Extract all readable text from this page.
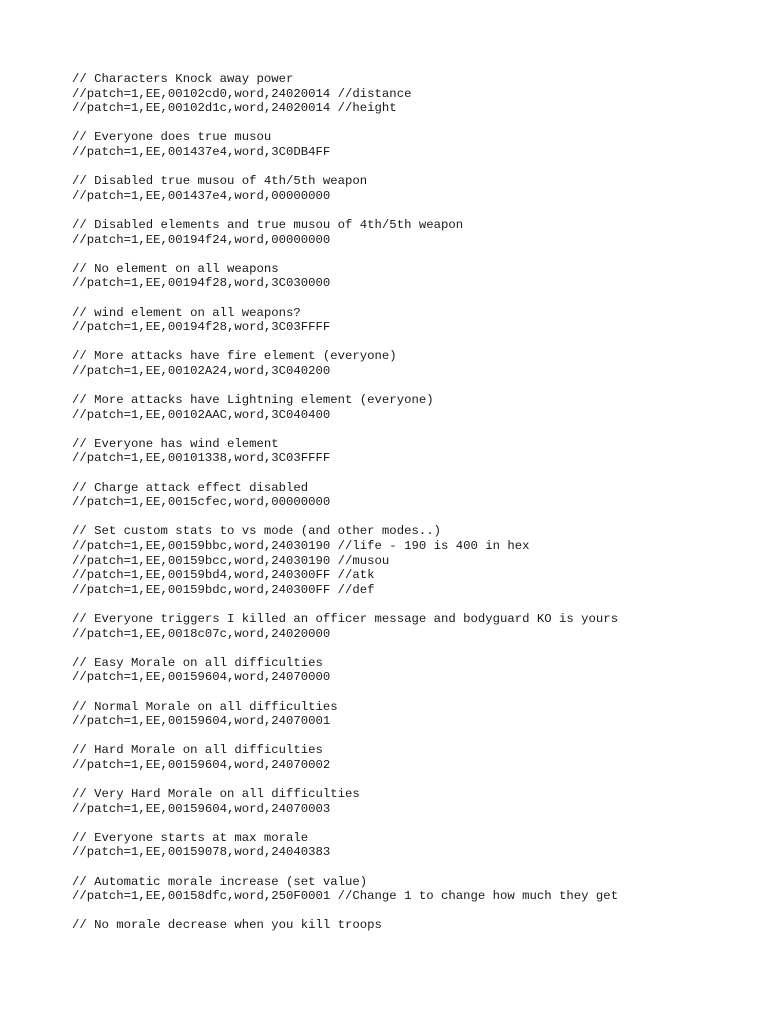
// Characters Knock away power
//patch=1,EE,00102cd0,word,24020014 //distance
//patch=1,EE,00102d1c,word,24020014 //height
// Everyone does true musou
//patch=1,EE,001437e4,word,3C0DB4FF
// Disabled true musou of 4th/5th weapon
//patch=1,EE,001437e4,word,00000000
// Disabled elements and true musou of 4th/5th weapon
//patch=1,EE,00194f24,word,00000000
// No element on all weapons
//patch=1,EE,00194f28,word,3C030000
// wind element on all weapons?
//patch=1,EE,00194f28,word,3C03FFFF
// More attacks have fire element (everyone)
//patch=1,EE,00102A24,word,3C040200
// More attacks have Lightning element (everyone)
//patch=1,EE,00102AAC,word,3C040400
// Everyone has wind element
//patch=1,EE,00101338,word,3C03FFFF
// Charge attack effect disabled
//patch=1,EE,0015cfec,word,00000000
// Set custom stats to vs mode (and other modes..)
//patch=1,EE,00159bbc,word,24030190 //life - 190 is 400 in hex
//patch=1,EE,00159bcc,word,24030190 //musou
//patch=1,EE,00159bd4,word,240300FF //atk
//patch=1,EE,00159bdc,word,240300FF //def
// Everyone triggers I killed an officer message and bodyguard KO is yours
//patch=1,EE,0018c07c,word,24020000
// Easy Morale on all difficulties
//patch=1,EE,00159604,word,24070000
// Normal Morale on all difficulties
//patch=1,EE,00159604,word,24070001
// Hard Morale on all difficulties
//patch=1,EE,00159604,word,24070002
// Very Hard Morale on all difficulties
//patch=1,EE,00159604,word,24070003
// Everyone starts at max morale
//patch=1,EE,00159078,word,24040383
// Automatic morale increase (set value)
//patch=1,EE,00158dfc,word,250F0001 //Change 1 to change how much they get
// No morale decrease when you kill troops
